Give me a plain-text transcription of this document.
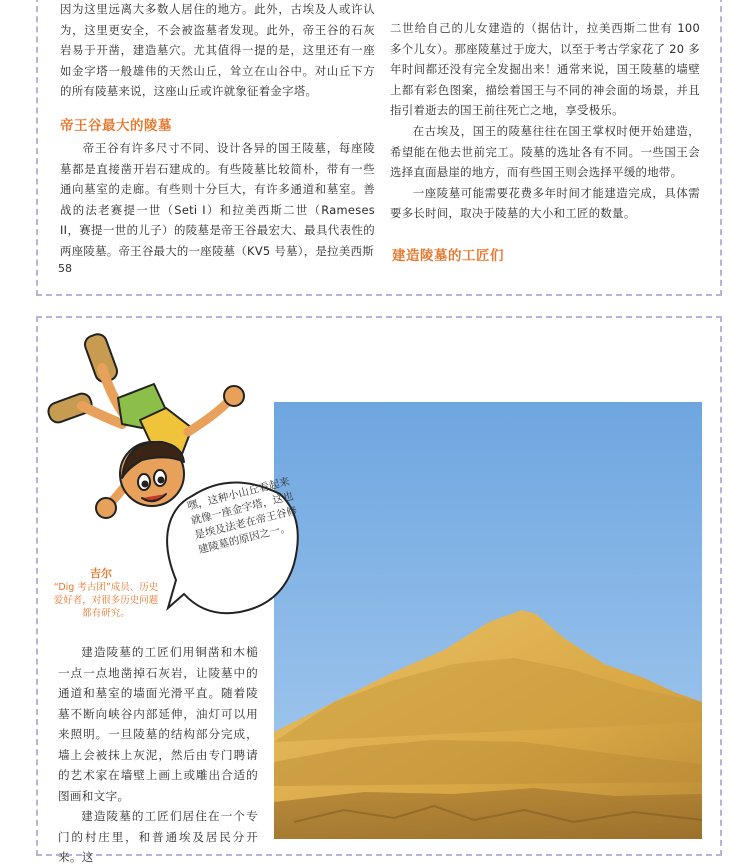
因为这里远离大多数人居住的地方。此外，古埃及人或许认为，这里更安全，不会被盗墓者发现。此外，帝王谷的石灰岩易于开凿，建造墓穴。尤其值得一提的是，这里还有一座如金字塔一般雄伟的天然山丘，耸立在山谷中。对山丘下方的所有陵墓来说，这座山丘或许就象征着金字塔。

帝王谷最大的陵墓

帝王谷有许多尺寸不同、设计各异的国王陵墓，每座陵墓都是直接凿开岩石建成的。有些陵墓比较简朴，带有一些通向墓室的走廊。有些则十分巨大，有许多通道和墓室。善战的法老赛提一世（Seti I）和拉美西斯二世（Rameses II，赛提一世的儿子）的陵墓是帝王谷最宏大、最具代表性的两座陵墓。帝王谷最大的一座陵墓（KV5 号墓），是拉美西斯

二世给自己的儿女建造的（据估计，拉美西斯二世有 100 多个儿女）。那座陵墓过于庞大，以至于考古学家花了 20 多年时间都还没有完全发掘出来！通常来说，国王陵墓的墙壁上都有彩色图案，描绘着国王与不同的神会面的场景，并且指引着逝去的国王前往死亡之地，享受极乐。

在古埃及，国王的陵墓往往在国王掌权时便开始建造，希望能在他去世前完工。陵墓的选址各有不同。一些国王会选择直面悬崖的地方，而有些国王则会选择平缓的地带。

一座陵墓可能需要花费多年时间才能建造完成，具体需要多长时间，取决于陵墓的大小和工匠的数量。

建造陵墓的工匠们
58
嘿，这种小山丘看起来就像一座金字塔，这也是埃及法老在帝王谷修建陵墓的原因之一。
吉尔
“Dig 考古团”成员、历史爱好者，对很多历史问题都有研究。

建造陵墓的工匠们用铜凿和木槌一点一点地凿掉石灰岩，让陵墓中的通道和墓室的墙面光滑平直。随着陵墓不断向峡谷内部延伸，油灯可以用来照明。一旦陵墓的结构部分完成，墙上会被抹上灰泥，然后由专门聘请的艺术家在墙壁上画上或雕出合适的图画和文字。

建造陵墓的工匠们居住在一个专门的村庄里，和普通埃及居民分开来。这
